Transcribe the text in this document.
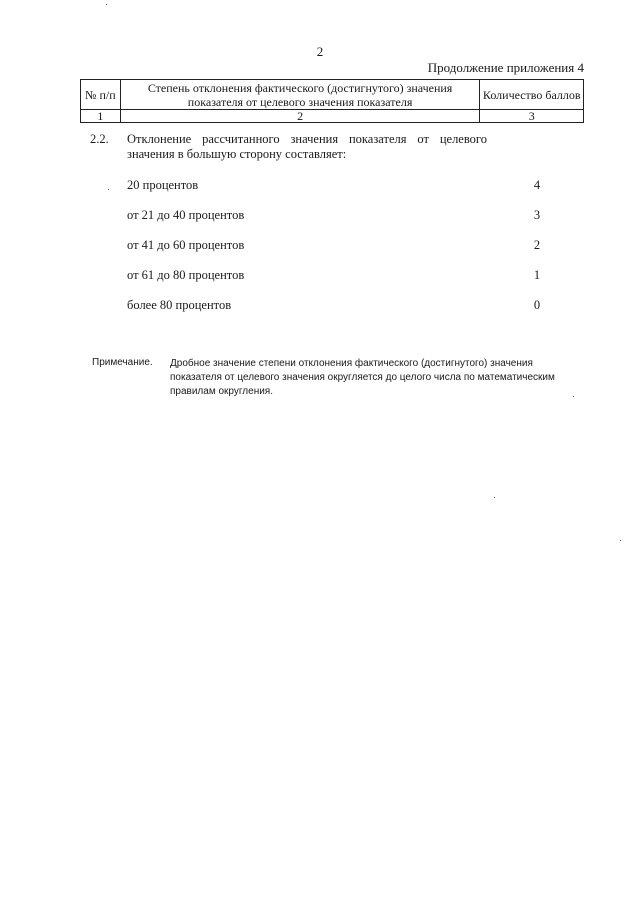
2
Продолжение приложения 4
№ п/п	Степень отклонения фактического (достигнутого) значения показателя от целевого значения показателя	Количество баллов
1	2	3
2.2. Отклонение рассчитанного значения показателя от целевого значения в большую сторону составляет:
20 процентов	4
от 21 до 40 процентов	3
от 41 до 60 процентов	2
от 61 до 80 процентов	1
более 80 процентов	0
Примечание. Дробное значение степени отклонения фактического (достигнутого) значения показателя от целевого значения округляется до целого числа по математическим правилам округления.
